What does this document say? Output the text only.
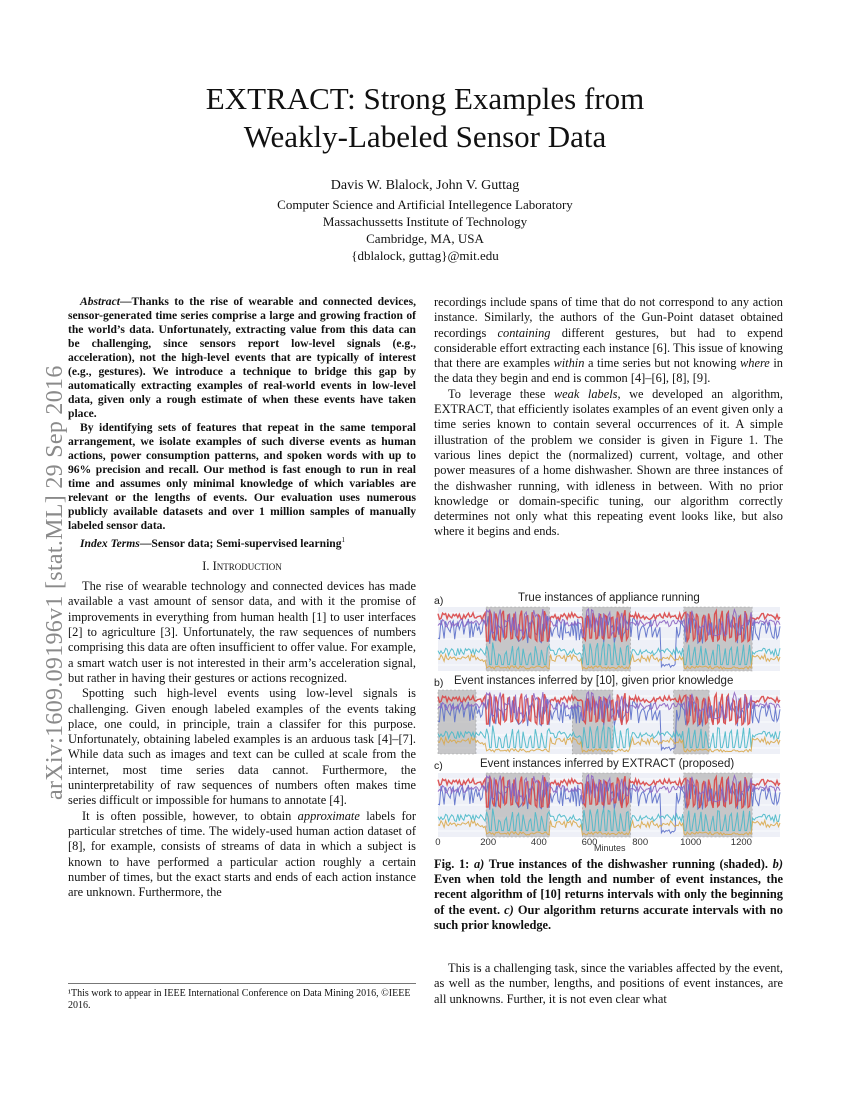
arXiv:1609.09196v1 [stat.ML] 29 Sep 2016
EXTRACT: Strong Examples from
Weakly-Labeled Sensor Data
Davis W. Blalock, John V. Guttag
Computer Science and Artificial Intellegence Laboratory
Massachussetts Institute of Technology
Cambridge, MA, USA
{dblalock, guttag}@mit.edu

Abstract—Thanks to the rise of wearable and connected devices, sensor-generated time series comprise a large and growing fraction of the world’s data. Unfortunately, extracting value from this data can be challenging, since sensors report low-level signals (e.g., acceleration), not the high-level events that are typically of interest (e.g., gestures). We introduce a technique to bridge this gap by automatically extracting examples of real-world events in low-level data, given only a rough estimate of when these events have taken place.

By identifying sets of features that repeat in the same temporal arrangement, we isolate examples of such diverse events as human actions, power consumption patterns, and spoken words with up to 96% precision and recall. Our method is fast enough to run in real time and assumes only minimal knowledge of which variables are relevant or the lengths of events. Our evaluation uses numerous publicly available datasets and over 1 million samples of manually labeled sensor data.

Index Terms—Sensor data; Semi-supervised learning$^1$

I. Introduction

The rise of wearable technology and connected devices has made available a vast amount of sensor data, and with it the promise of improvements in everything from human health [1] to user interfaces [2] to agriculture [3]. Unfortunately, the raw sequences of numbers comprising this data are often insufficient to offer value. For example, a smart watch user is not interested in their arm’s acceleration signal, but rather in having their gestures or actions recognized.

Spotting such high-level events using low-level signals is challenging. Given enough labeled examples of the events taking place, one could, in principle, train a classifer for this purpose. Unfortunately, obtaining labeled examples is an arduous task [4]–[7]. While data such as images and text can be cull​ed at scale from the internet, most time series data cannot. Furthermore, the uninterpretability of raw sequences of numbers often makes time series difficult or impossible for humans to annotate [4].

It is often possible, however, to obtain approximate labels for particular stretches of time. The widely-used human action dataset of [8], for example, consists of streams of data in which a subject is known to have performed a particular action roughly a certain number of times, but the exact starts and ends of each action instance are unknown. Furthermore, the

¹This work to appear in IEEE International Conference on Data Mining 2016, ©IEEE 2016.

recordings include spans of time that do not correspond to any action instance. Similarly, the authors of the Gun-Point dataset obtained recordings containing different gestures, but had to expend considerable effort extracting each instance [6]. This issue of knowing that there are examples within a time series but not knowing where in the data they begin and end is common [4]–[6], [8], [9].

To leverage these weak labels, we developed an algorithm, EXTRACT, that efficiently isolates examples of an event given only a time series known to contain several occurrences of it. A simple illustration of the problem we consider is given in Figure 1. The various lines depict the (normalized) current, voltage, and other power measures of a home dishwasher. Shown are three instances of the dishwasher running, with idleness in between. With no prior knowledge or domain-specific tuning, our algorithm correctly determines not only what this repeating event looks like, but also where it begins and ends.

a)	True instances of appliance running
b) Event instances inferred by [10], given prior knowledge
c)	Event instances inferred by EXTRACT (proposed)
0	200	400	600	800	1000	1200
Minutes
Fig. 1: a) True instances of the dishwasher running (shaded). b) Even when told the length and number of event instances, the recent algorithm of [10] returns intervals with only the beginning of the event. c) Our algorithm returns accurate intervals with no such prior knowledge.
This is a challenging task, since the variables affected by the event, as well as the number, lengths, and positions of event instances, are all unknowns. Further, it is not even clear what
